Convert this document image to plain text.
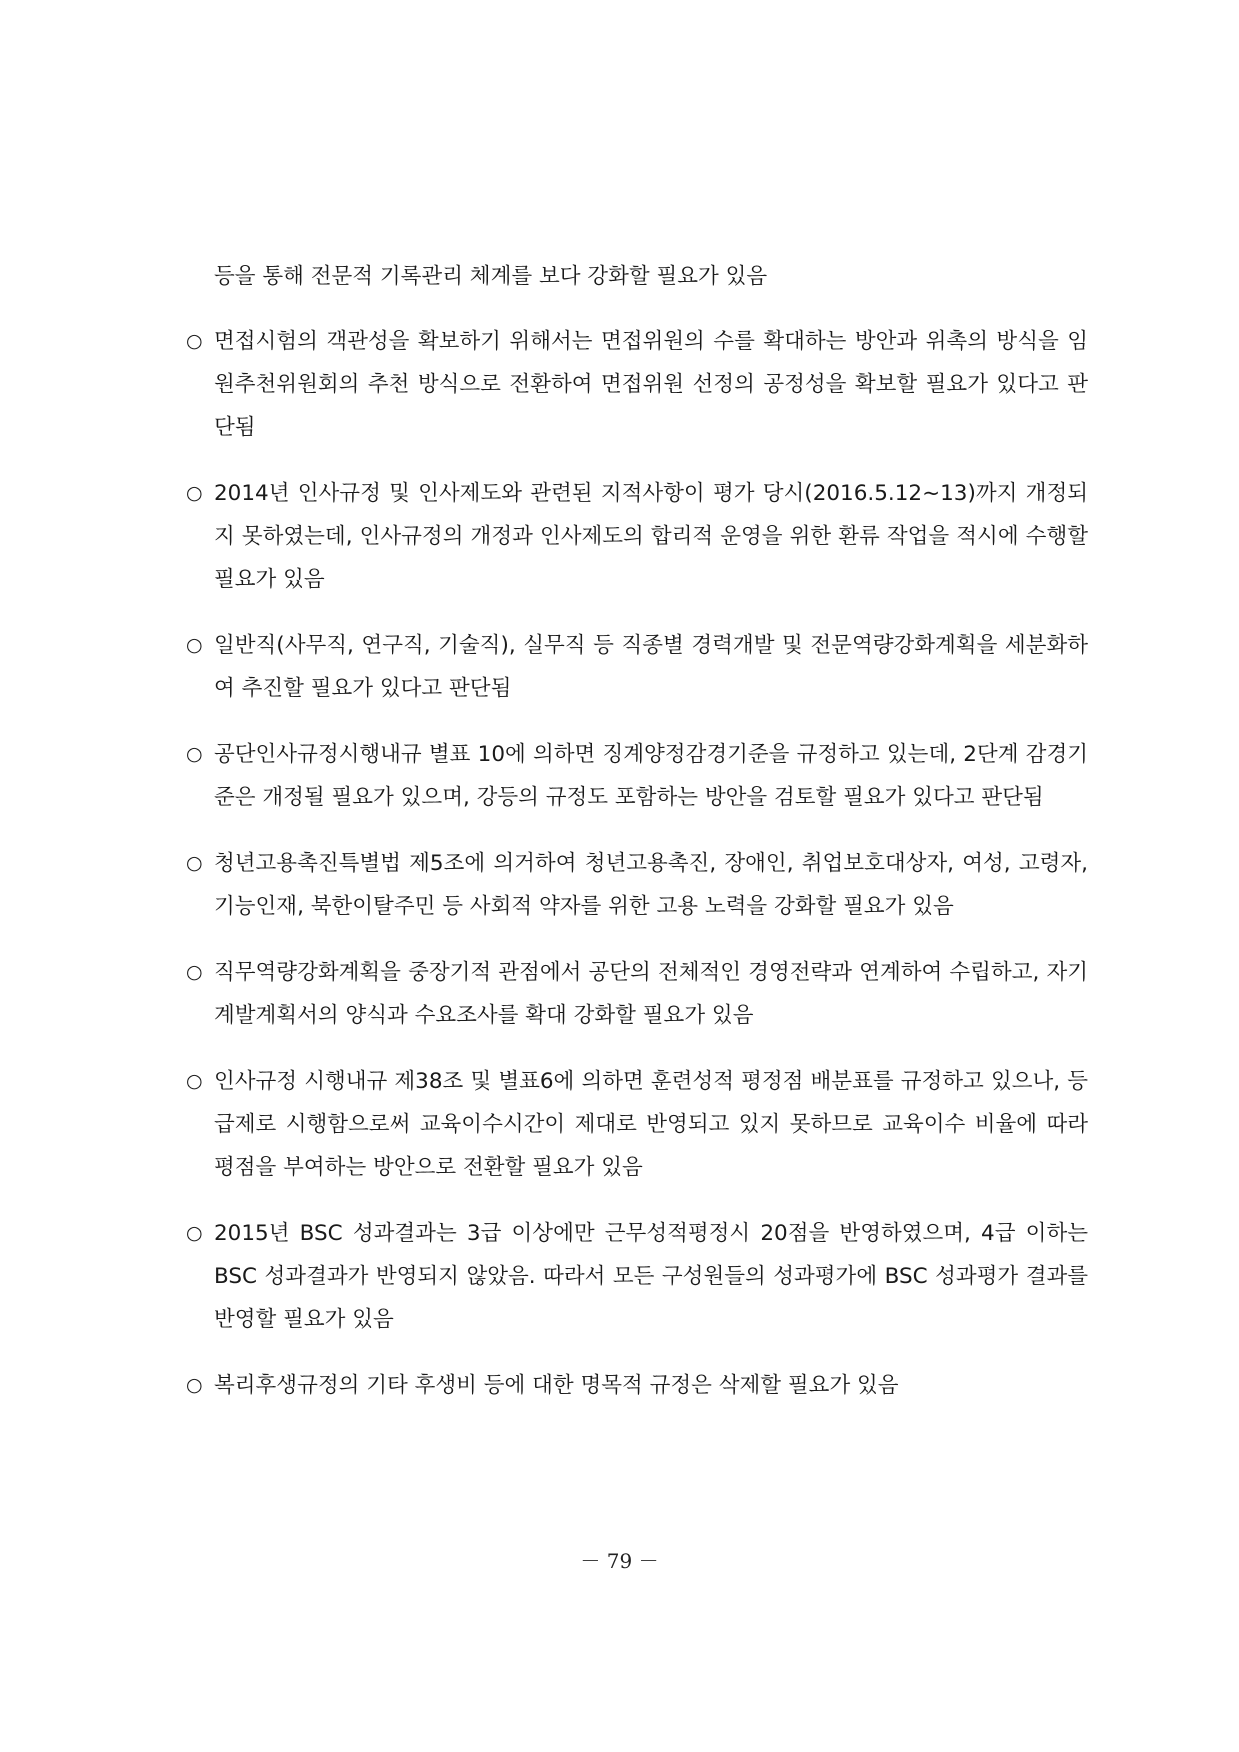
등을 통해 전문적 기록관리 체계를 보다 강화할 필요가 있음
○ 면접시험의 객관성을 확보하기 위해서는 면접위원의 수를 확대하는 방안과 위촉의 방식을 임원추천위원회의 추천 방식으로 전환하여 면접위원 선정의 공정성을 확보할 필요가 있다고 판단됨
○ 2014년 인사규정 및 인사제도와 관련된 지적사항이 평가 당시(2016.5.12~13)까지 개정되지 못하였는데, 인사규정의 개정과 인사제도의 합리적 운영을 위한 환류 작업을 적시에 수행할 필요가 있음
○ 일반직(사무직, 연구직, 기술직), 실무직 등 직종별 경력개발 및 전문역량강화계획을 세분화하여 추진할 필요가 있다고 판단됨
○ 공단인사규정시행내규 별표 10에 의하면 징계양정감경기준을 규정하고 있는데, 2단계 감경기준은 개정될 필요가 있으며, 강등의 규정도 포함하는 방안을 검토할 필요가 있다고 판단됨
○ 청년고용촉진특별법 제5조에 의거하여 청년고용촉진, 장애인, 취업보호대상자, 여성, 고령자, 기능인재, 북한이탈주민 등 사회적 약자를 위한 고용 노력을 강화할 필요가 있음
○ 직무역량강화계획을 중장기적 관점에서 공단의 전체적인 경영전략과 연계하여 수립하고, 자기계발계획서의 양식과 수요조사를 확대 강화할 필요가 있음
○ 인사규정 시행내규 제38조 및 별표6에 의하면 훈련성적 평정점 배분표를 규정하고 있으나, 등급제로 시행함으로써 교육이수시간이 제대로 반영되고 있지 못하므로 교육이수 비율에 따라 평점을 부여하는 방안으로 전환할 필요가 있음
○ 2015년 BSC 성과결과는 3급 이상에만 근무성적평정시 20점을 반영하였으며, 4급 이하는 BSC 성과결과가 반영되지 않았음. 따라서 모든 구성원들의 성과평가에 BSC 성과평가 결과를 반영할 필요가 있음
○ 복리후생규정의 기타 후생비 등에 대한 명목적 규정은 삭제할 필요가 있음
－ 79 －
